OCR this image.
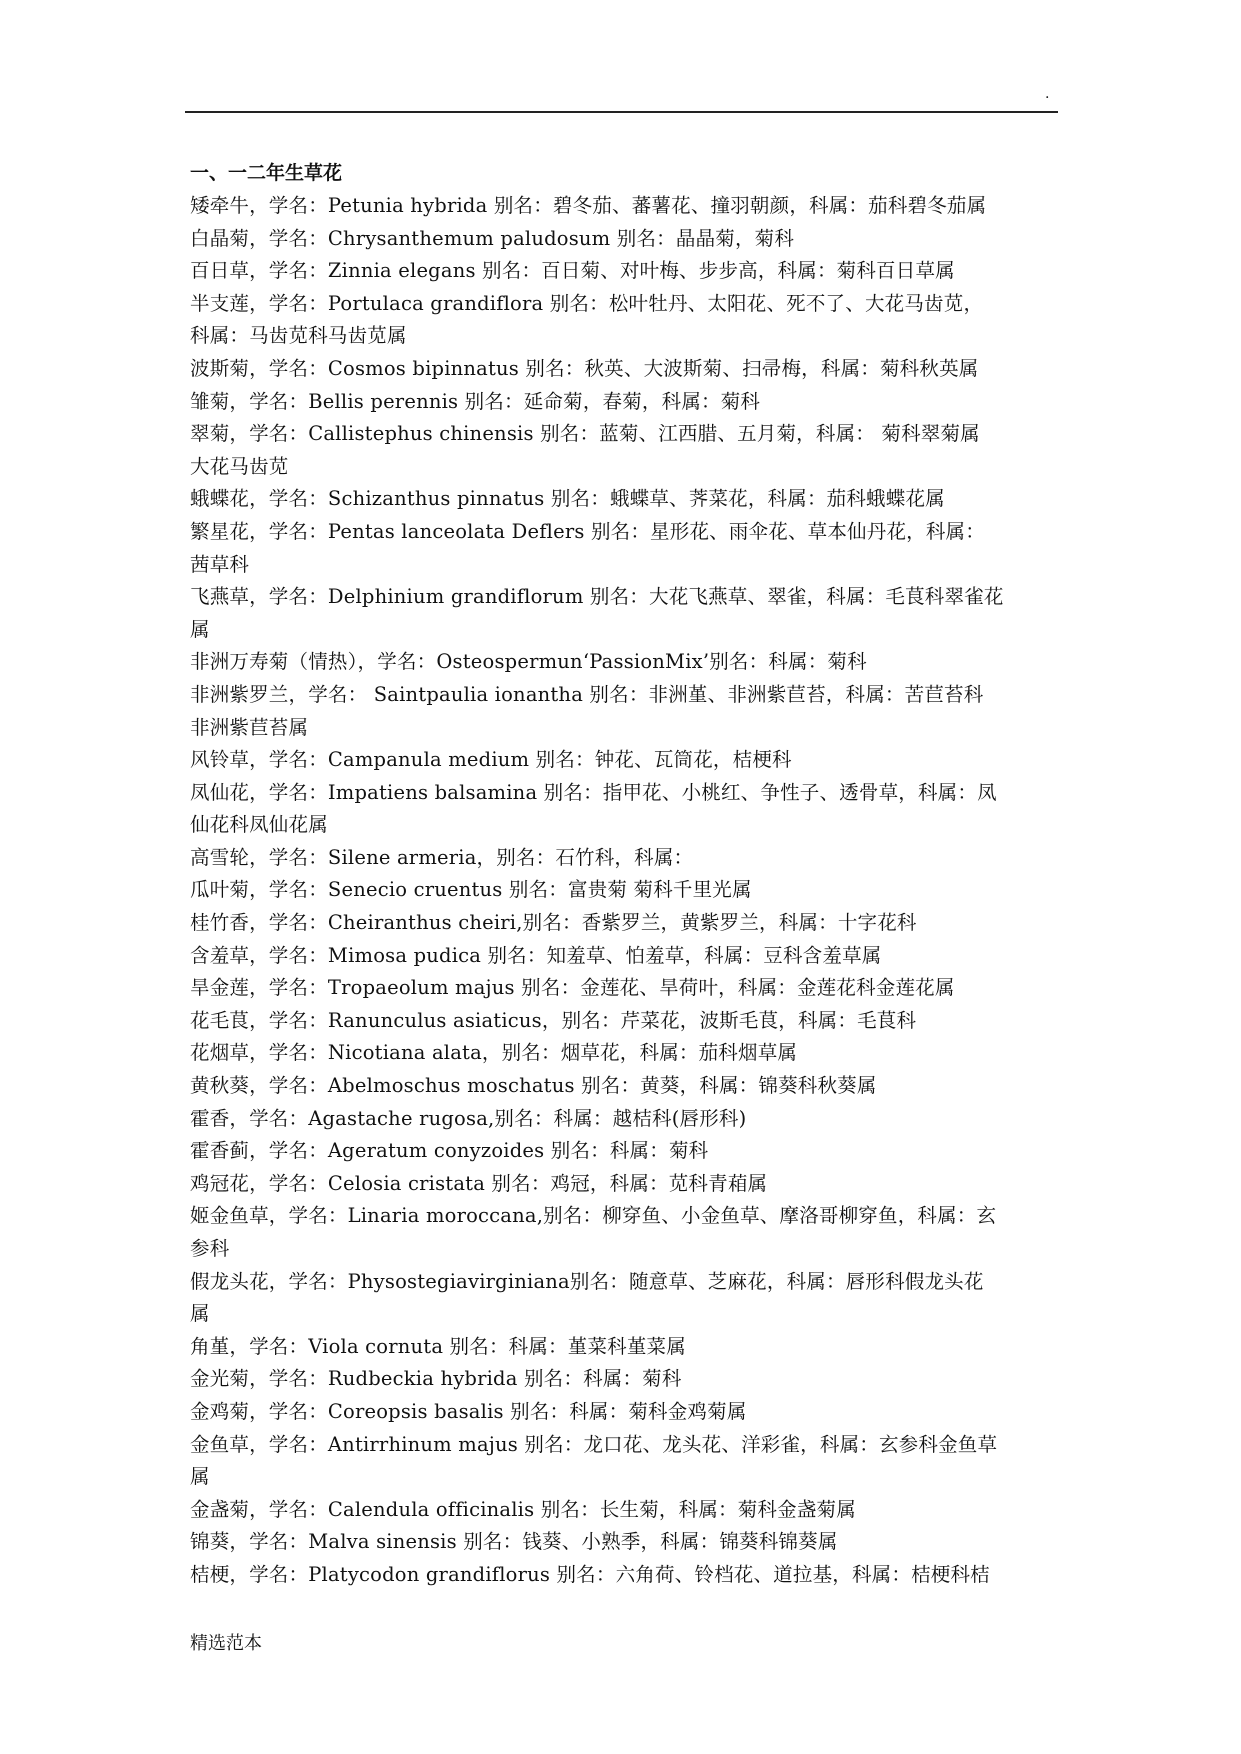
.
一、一二年生草花
矮牵牛，学名：Petunia hybrida 别名：碧冬茄、蕃薯花、撞羽朝颜，科属：茄科碧冬茄属
白晶菊，学名：Chrysanthemum paludosum 别名：晶晶菊，菊科
百日草，学名：Zinnia elegans 别名：百日菊、对叶梅、步步高，科属：菊科百日草属
半支莲，学名：Portulaca grandiflora 别名：松叶牡丹、太阳花、死不了、大花马齿苋，
科属：马齿苋科马齿苋属
波斯菊，学名：Cosmos bipinnatus 别名：秋英、大波斯菊、扫帚梅，科属：菊科秋英属
雏菊，学名：Bellis perennis 别名：延命菊，春菊，科属：菊科
翠菊，学名：Callistephus chinensis 别名：蓝菊、江西腊、五月菊，科属： 菊科翠菊属
大花马齿苋
蛾蝶花，学名：Schizanthus pinnatus 别名：蛾蝶草、荠菜花，科属：茄科蛾蝶花属
繁星花，学名：Pentas lanceolata Deflers 别名：星形花、雨伞花、草本仙丹花，科属：
茜草科
飞燕草，学名：Delphinium grandiflorum 别名：大花飞燕草、翠雀，科属：毛茛科翠雀花
属
非洲万寿菊（情热），学名：Osteospermun‘PassionMix’别名：科属：菊科
非洲紫罗兰，学名： Saintpaulia ionantha 别名：非洲堇、非洲紫苣苔，科属：苦苣苔科
非洲紫苣苔属
风铃草，学名：Campanula medium 别名：钟花、瓦筒花，桔梗科
凤仙花，学名：Impatiens balsamina 别名：指甲花、小桃红、争性子、透骨草，科属：凤
仙花科凤仙花属
高雪轮，学名：Silene armeria，别名：石竹科，科属：
瓜叶菊，学名：Senecio cruentus 别名：富贵菊 菊科千里光属
桂竹香，学名：Cheiranthus cheiri,别名：香紫罗兰，黄紫罗兰，科属：十字花科
含羞草，学名：Mimosa pudica 别名：知羞草、怕羞草，科属：豆科含羞草属
旱金莲，学名：Tropaeolum majus 别名：金莲花、旱荷叶，科属：金莲花科金莲花属
花毛茛，学名：Ranunculus asiaticus，别名：芹菜花，波斯毛茛，科属：毛茛科
花烟草，学名：Nicotiana alata，别名：烟草花，科属：茄科烟草属
黄秋葵，学名：Abelmoschus moschatus 别名：黄葵，科属：锦葵科秋葵属
霍香，学名：Agastache rugosa,别名：科属：越桔科(唇形科)
霍香蓟，学名：Ageratum conyzoides 别名：科属：菊科
鸡冠花，学名：Celosia cristata 别名：鸡冠，科属：苋科青葙属
姬金鱼草，学名：Linaria moroccana,别名：柳穿鱼、小金鱼草、摩洛哥柳穿鱼，科属：玄
参科
假龙头花，学名：Physostegiavirginiana别名：随意草、芝麻花，科属：唇形科假龙头花
属
角堇，学名：Viola cornuta 别名：科属：堇菜科堇菜属
金光菊，学名：Rudbeckia hybrida 别名：科属：菊科
金鸡菊，学名：Coreopsis basalis 别名：科属：菊科金鸡菊属
金鱼草，学名：Antirrhinum majus 别名：龙口花、龙头花、洋彩雀，科属：玄参科金鱼草
属
金盏菊，学名：Calendula officinalis 别名：长生菊，科属：菊科金盏菊属
锦葵，学名：Malva sinensis 别名：钱葵、小熟季，科属：锦葵科锦葵属
桔梗，学名：Platycodon grandiflorus 别名：六角荷、铃档花、道拉基，科属：桔梗科桔
精选范本
